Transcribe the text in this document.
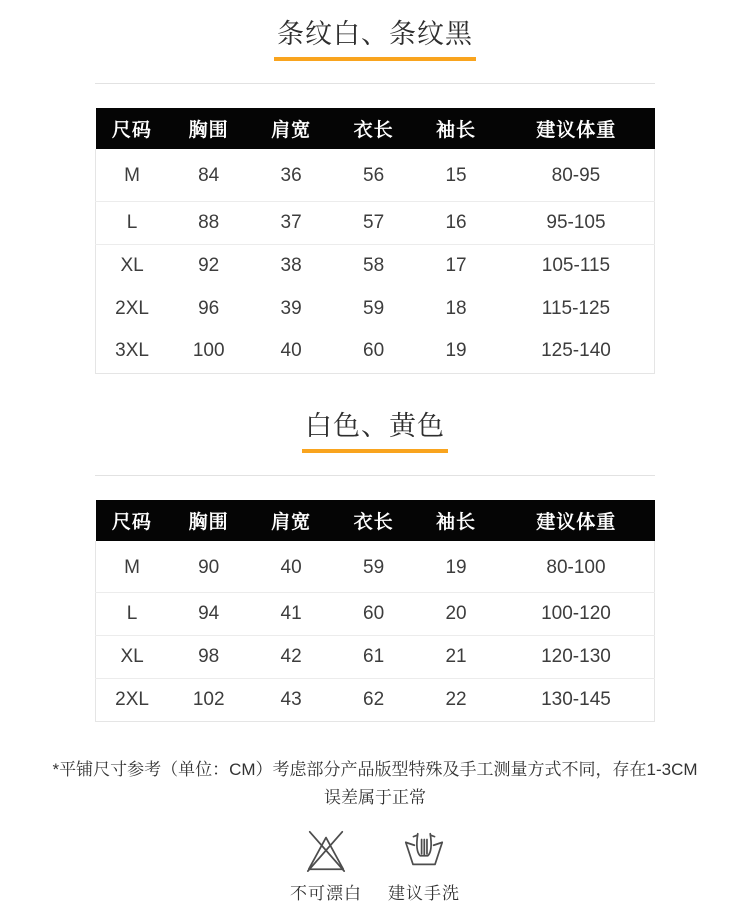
条纹白、条纹黑
尺码	胸围	肩宽	衣长	袖长	建议体重
M	84	36	56	15	80-95
L	88	37	57	16	95-105
XL	92	38	58	17	105-115
2XL	96	39	59	18	115-125
3XL	100	40	60	19	125-140
白色、黄色
尺码	胸围	肩宽	衣长	袖长	建议体重
M	90	40	59	19	80-100
L	94	41	60	20	100-120
XL	98	42	61	21	120-130
2XL	102	43	62	22	130-145

*平铺尺寸参考（单位：CM）考虑部分产品版型特殊及手工测量方式不同，存在1-3CM误差属于正常

不可漂白 建议手洗
